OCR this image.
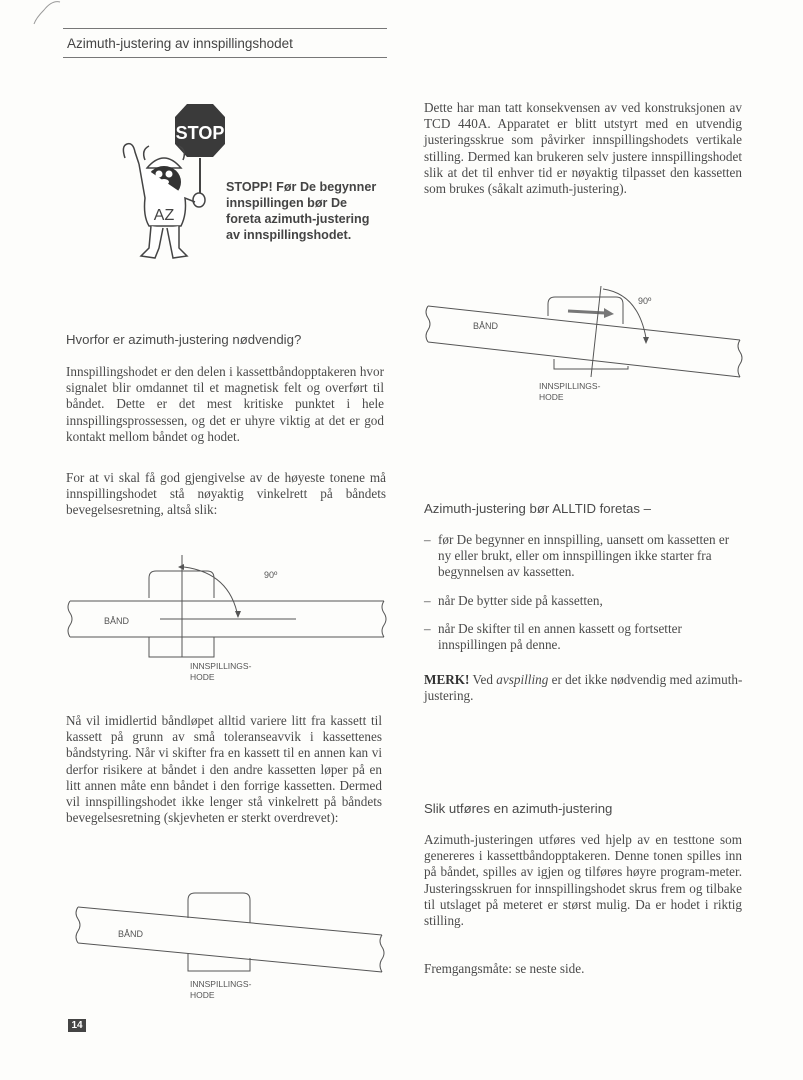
Azimuth-justering av innspillingshodet
STOP
AZ
STOPP! Før De begynner
innspillingen bør De
foreta azimuth-justering
av innspillingshodet.
Hvorfor er azimuth-justering nødvendig?
Innspillingshodet er den delen i kassettbåndopptakeren hvor signalet blir omdannet til et magnetisk felt og overført til båndet. Dette er det mest kritiske punktet i hele innspillingsprossessen, og det er uhyre viktig at det er god kontakt mellom båndet og hodet.
For at vi skal få god gjengivelse av de høyeste tonene må innspillingshodet stå nøyaktig vinkelrett på båndets bevegelsesretning, altså slik:
90º
BÅND
INNSPILLINGS-
HODE
Nå vil imidlertid båndløpet alltid variere litt fra kassett til kassett på grunn av små toleranseavvik i kassettenes båndstyring. Når vi skifter fra en kassett til en annen kan vi derfor risikere at båndet i den andre kassetten løper på en litt annen måte enn båndet i den forrige kassetten. Dermed vil innspillingshodet ikke lenger stå vinkelrett på båndets bevegelsesretning (skjevheten er sterkt overdrevet):
BÅND
INNSPILLINGS-
HODE
14
Dette har man tatt konsekvensen av ved konstruksjonen av TCD 440A. Apparatet er blitt utstyrt med en utvendig justeringsskrue som påvirker innspillingshodets vertikale stilling. Dermed kan brukeren selv justere innspillingshodet slik at det til enhver tid er nøyaktig tilpasset den kassetten som brukes (såkalt azimuth-justering).
90º
BÅND
INNSPILLINGS-
HODE
Azimuth-justering bør ALLTID foretas –
– før De begynner en innspilling, uansett om kassetten er ny eller brukt, eller om innspillingen ikke starter fra begynnelsen av kassetten.
– når De bytter side på kassetten,
– når De skifter til en annen kassett og fortsetter innspillingen på denne.
MERK! Ved avspilling er det ikke nødvendig med azimuth-justering.
Slik utføres en azimuth-justering
Azimuth-justeringen utføres ved hjelp av en testtone som genereres i kassettbåndopptakeren. Denne tonen spilles inn på båndet, spilles av igjen og tilføres høyre program-meter. Justeringsskruen for innspillingshodet skrus frem og tilbake til utslaget på meteret er størst mulig. Da er hodet i riktig stilling.
Fremgangsmåte: se neste side.
